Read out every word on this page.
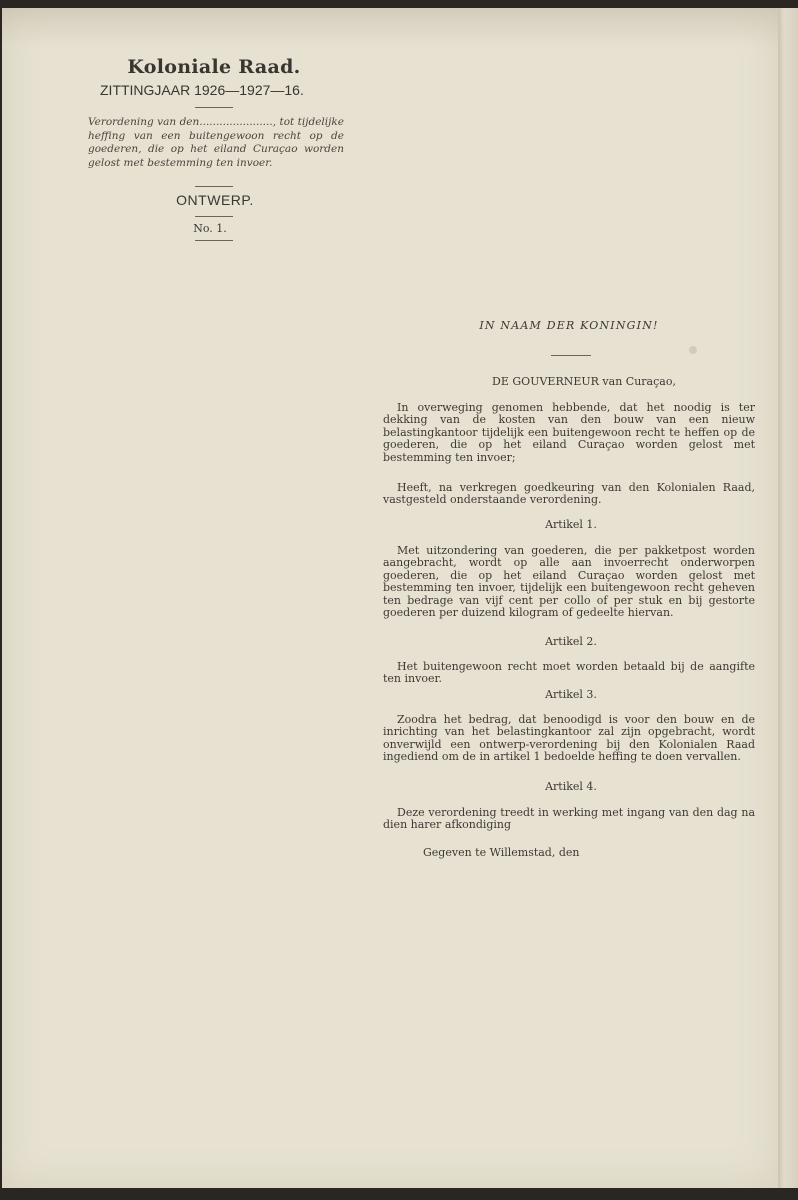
Koloniale Raad.
ZITTINGJAAR 1926—1927—16.
Verordening van den......................, tot tijdelijke heffing van een buitengewoon recht op de goederen, die op het eiland Curaçao worden gelost met bestemming ten invoer.
ONTWERP.
No. 1.
IN NAAM DER KONINGIN!
DE GOUVERNEUR van Curaçao,
In overweging genomen hebbende, dat het noodig is ter dekking van de kosten van den bouw van een nieuw belastingkantoor tijdelijk een buitengewoon recht te heffen op de goederen, die op het eiland Curaçao worden gelost met bestemming ten invoer;
Heeft, na verkregen goedkeuring van den Kolonialen Raad, vastgesteld onderstaande verordening.
Artikel 1.
Met uitzondering van goederen, die per pakketpost worden aangebracht, wordt op alle aan invoerrecht onderworpen goederen, die op het eiland Curaçao worden gelost met bestemming ten invoer, tijdelijk een buitengewoon recht geheven ten bedrage van vijf cent per collo of per stuk en bij gestorte goederen per duizend kilogram of gedeelte hiervan.
Artikel 2.
Het buitengewoon recht moet worden betaald bij de aangifte ten invoer.
Artikel 3.
Zoodra het bedrag, dat benoodigd is voor den bouw en de inrichting van het belastingkantoor zal zijn opgebracht, wordt onverwijld een ontwerp-verordening bij den Kolonialen Raad ingediend om de in artikel 1 bedoelde heffing te doen vervallen.
Artikel 4.
Deze verordening treedt in werking met ingang van den dag na dien harer afkondiging
Gegeven te Willemstad, den
